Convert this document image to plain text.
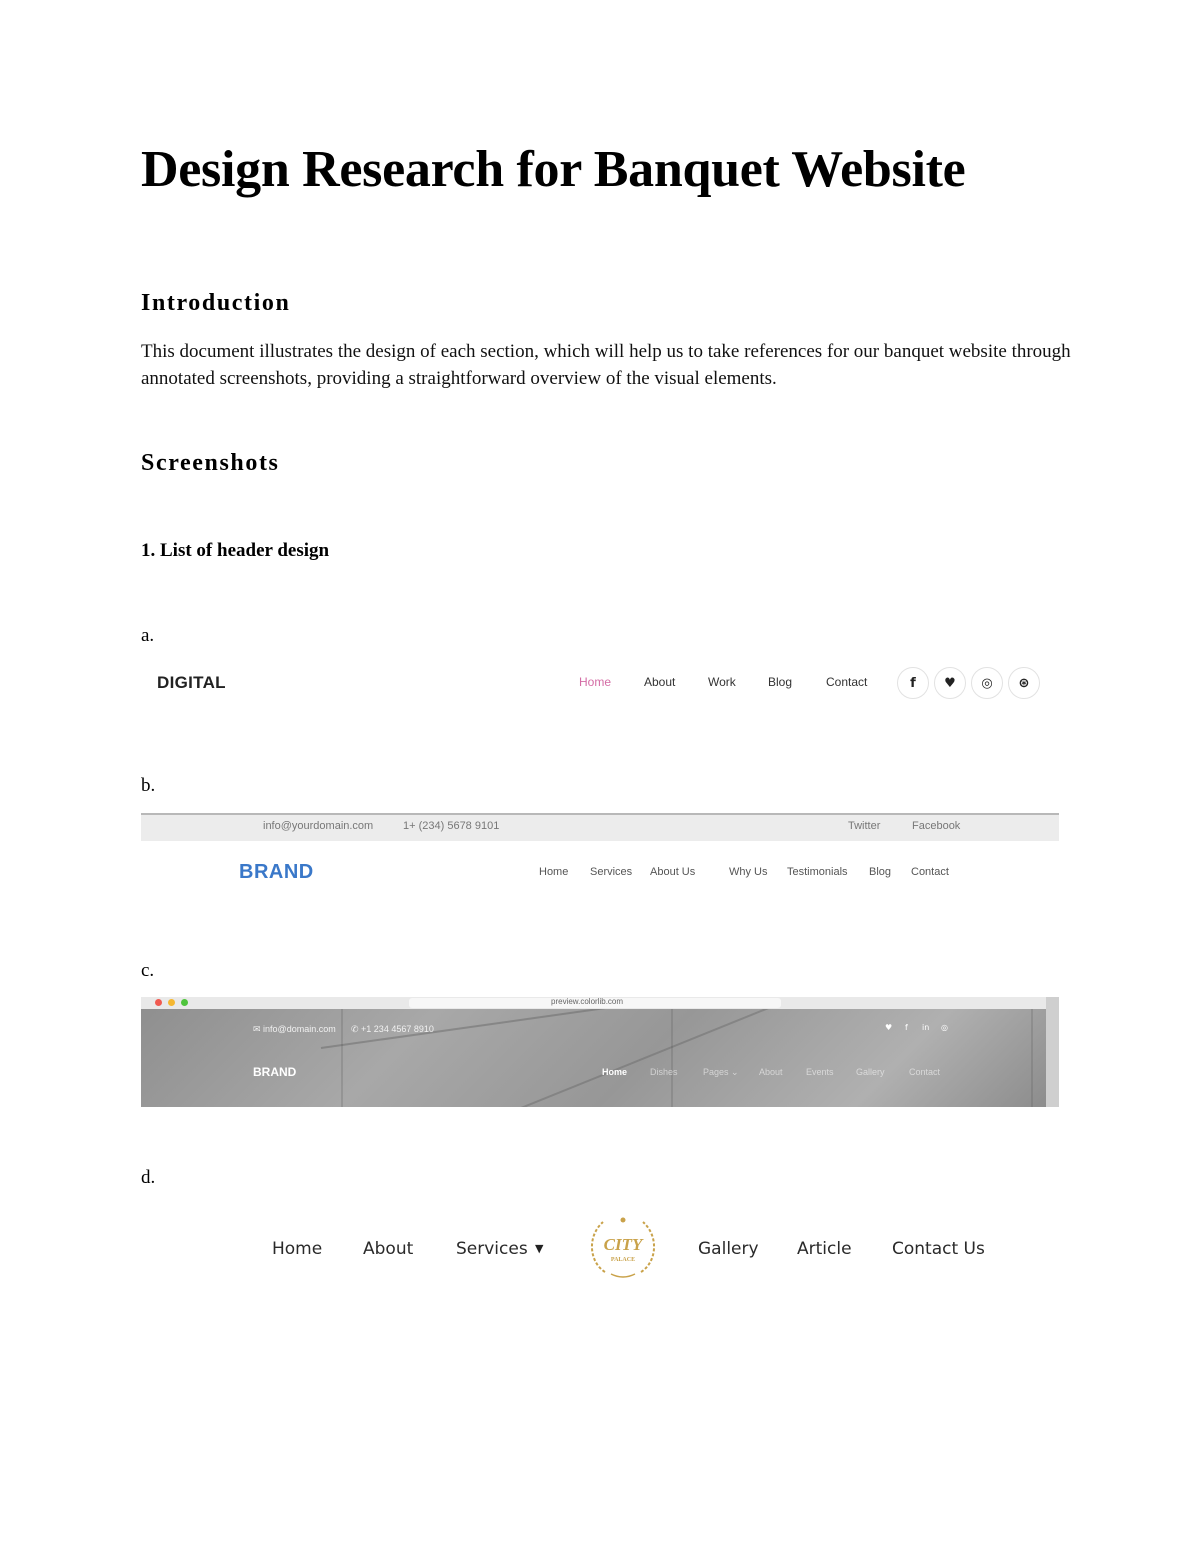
Design Research for Banquet Website
Introduction
This document illustrates the design of each section, which will help us to take references for our banquet website through annotated screenshots, providing a straightforward overview of the visual elements.
Screenshots
1. List of header design
a.
b.
c.
d.
DIGITAL	Home	About	Work	Blog	Contact	f	♥	◎	⊛
info@yourdomain.com	1+ (234) 5678 9101	Twitter	Facebook
BRAND	Home Services About Us	Why Us Testimonials Blog Contact
preview.colorlib.com
✉ info@domain.com ✆ +1 234 4567 8910	♥ f in ◎
BRAND	Home	Dishes	Pages ⌄ About	Events Gallery	Contact
Home About	Services ▼	CITY
PALACE
Gallery Article Contact Us
